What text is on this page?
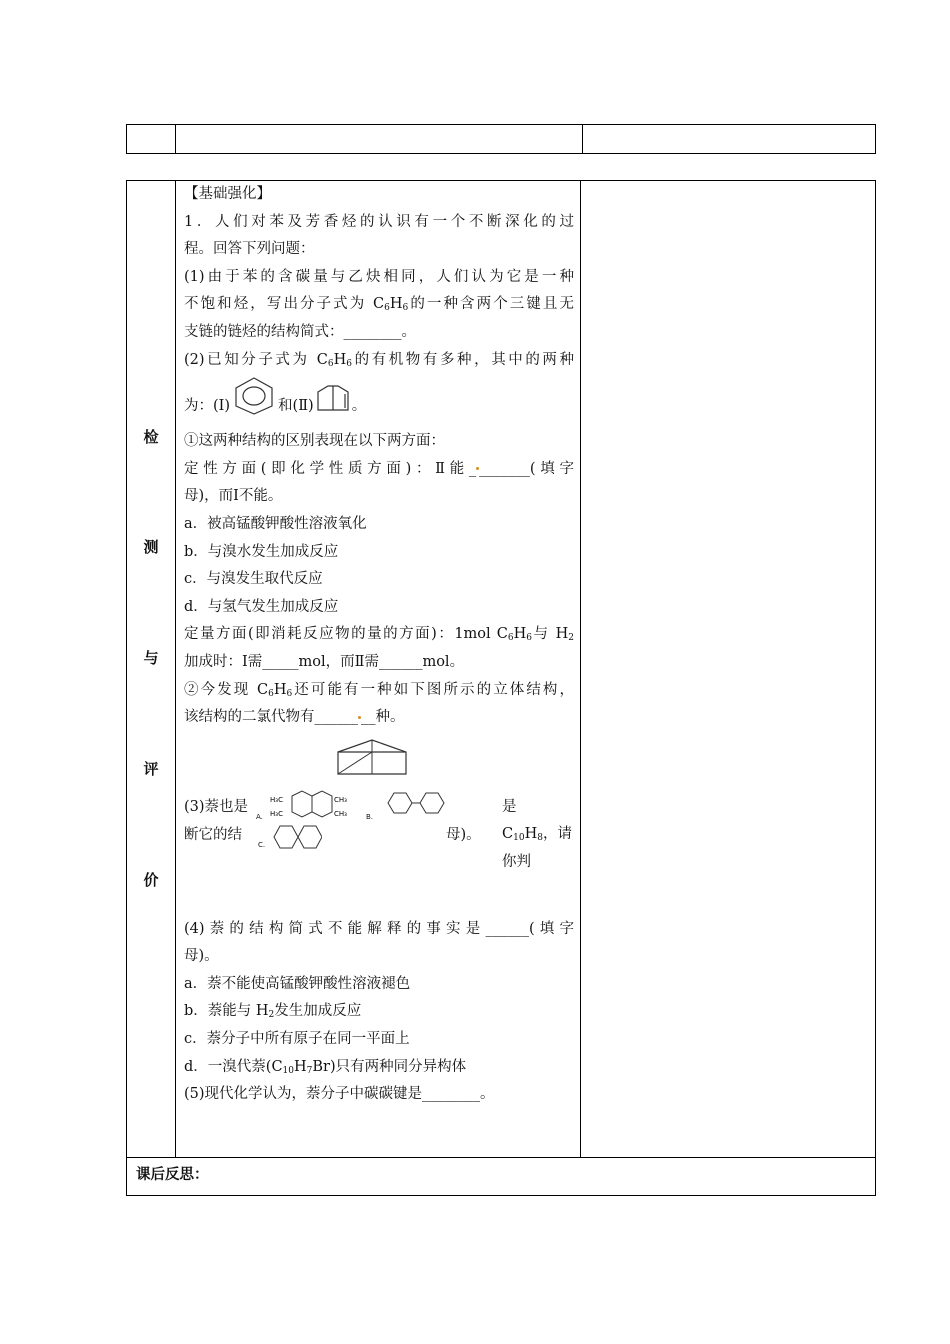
检
测
与
评
价

【基础强化】

1．人们对苯及芳香烃的认识有一个不断深化的过

程。回答下列问题：

(1)由于苯的含碳量与乙炔相同，人们认为它是一种

不饱和烃，写出分子式为 $C_6H_6$的一种含两个三键且无

支链的链烃的结构简式：________。

(2)已知分子式为 $C_6H_6$的有机物有多种，其中的两种

为：(Ⅰ)	和(Ⅱ)	。

①这两种结构的区别表现在以下两方面：

定性方面(即化学性质方面)：Ⅱ能_ _______(填字

母)，而Ⅰ不能。

a．被高锰酸钾酸性溶液氧化

b．与溴水发生加成反应

c．与溴发生取代反应

d．与氢气发生加成反应

定量方面(即消耗反应物的量的方面)：1mol $C_6H_6$与 $H_2$

加成时：Ⅰ需_____mol，而Ⅱ需______mol。

②今发现 $C_6H_6$还可能有一种如下图所示的立体结构，

该结构的二氯代物有______ __种。

(3)萘也是	是 $C_{10}H_8$，请你判
断它的结	母)。
A.
H₃C
H₃C
CH₃
CH₃	B.
C.

(4)萘的结构简式不能解释的事实是______(填字

母)。

a．萘不能使高锰酸钾酸性溶液褪色

b．萘能与 $H_2$发生加成反应

c．萘分子中所有原子在同一平面上

d．一溴代萘$(C_{10}H_7Br)$只有两种同分异构体

(5)现代化学认为，萘分子中碳碳键是________。

课后反思：
